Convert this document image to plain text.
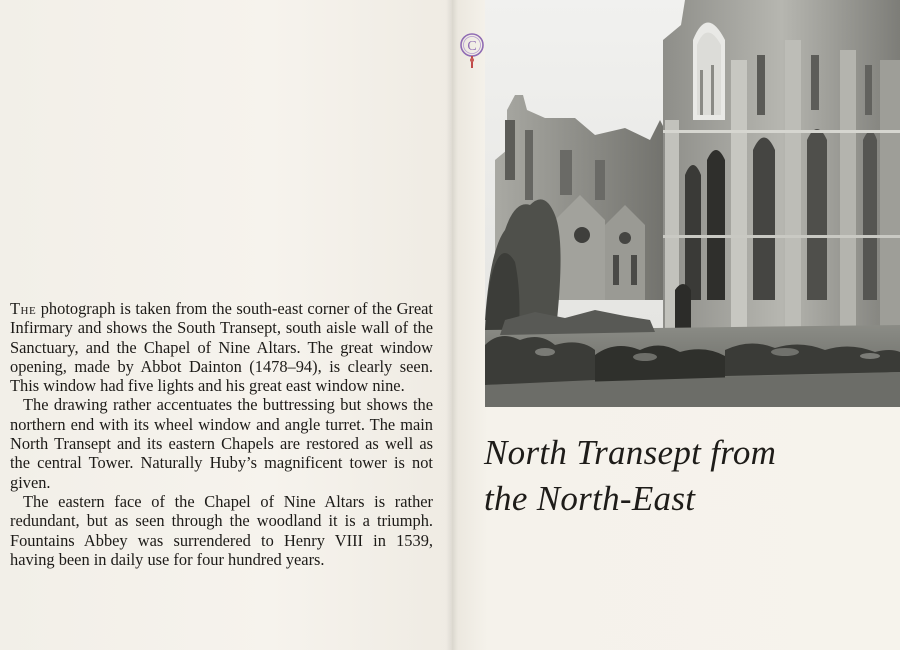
The photograph is taken from the south-east corner of the Great Infirmary and shows the South Transept, south aisle wall of the Sanctuary, and the Chapel of Nine Altars. The great window opening, made by Abbot Dainton (1478–94), is clearly seen. This window had five lights and his great east window nine.

The drawing rather accentuates the buttressing but shows the northern end with its wheel window and angle turret. The main North Transept and its eastern Chapels are restored as well as the central Tower. Naturally Huby’s magnificent tower is not given.

The eastern face of the Chapel of Nine Altars is rather redundant, but as seen through the woodland it is a triumph. Fountains Abbey was surrendered to Henry VIII in 1539, having been in daily use for four hundred years.

C
North Transept from
the North-East
